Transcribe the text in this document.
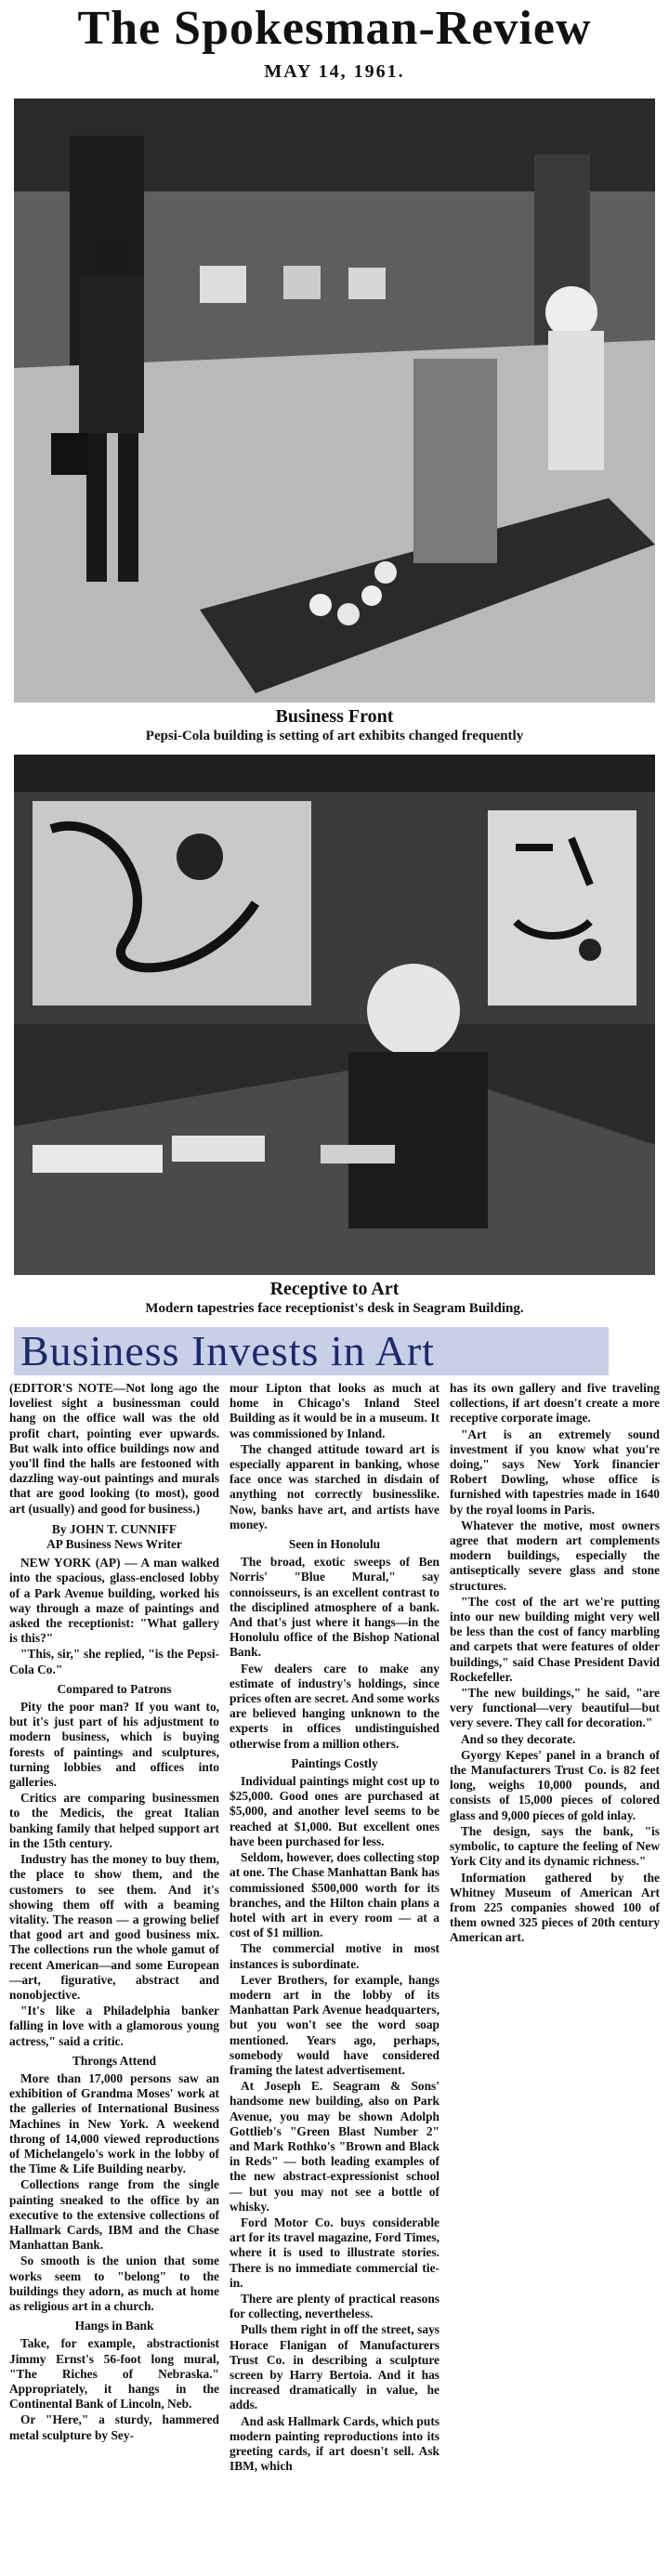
The Spokesman-Review
MAY 14, 1961.
Business Front
Pepsi-Cola building is setting of art exhibits changed frequently
Receptive to Art
Modern tapestries face receptionist's desk in Seagram Building.
Business Invests in Art

(EDITOR'S NOTE—Not long ago the loveliest sight a businessman could hang on the office wall was the old profit chart, pointing ever upwards. But walk into office buildings now and you'll find the halls are festooned with dazzling way-out paintings and murals that are good looking (to most), good art (usually) and good for business.)

By JOHN T. CUNNIFF

AP Business News Writer

NEW YORK (AP) — A man walked into the spacious, glass-enclosed lobby of a Park Avenue building, worked his way through a maze of paintings and asked the receptionist: "What gallery is this?"

"This, sir," she replied, "is the Pepsi-Cola Co."

Compared to Patrons

Pity the poor man? If you want to, but it's just part of his adjustment to modern business, which is buying forests of paintings and sculptures, turning lobbies and offices into galleries.

Critics are comparing businessmen to the Medicis, the great Italian banking family that helped support art in the 15th century.

Industry has the money to buy them, the place to show them, and the customers to see them. And it's showing them off with a beaming vitality. The reason — a growing belief that good art and good business mix. The collections run the whole gamut of recent American—and some European—art, figurative, abstract and nonobjective.

"It's like a Philadelphia banker falling in love with a glamorous young actress," said a critic.

Throngs Attend

More than 17,000 persons saw an exhibition of Grandma Moses' work at the galleries of International Business Machines in New York. A weekend throng of 14,000 viewed reproductions of Michelangelo's work in the lobby of the Time & Life Building nearby.

Collections range from the single painting sneaked to the office by an executive to the extensive collections of Hallmark Cards, IBM and the Chase Manhattan Bank.

So smooth is the union that some works seem to "belong" to the buildings they adorn, as much at home as religious art in a church.

Hangs in Bank

Take, for example, abstractionist Jimmy Ernst's 56-foot long mural, "The Riches of Nebraska." Appropriately, it hangs in the Continental Bank of Lincoln, Neb.

Or "Here," a sturdy, hammered metal sculpture by Sey-

mour Lipton that looks as much at home in Chicago's Inland Steel Building as it would be in a museum. It was commissioned by Inland.

The changed attitude toward art is especially apparent in banking, whose face once was starched in disdain of anything not correctly businesslike. Now, banks have art, and artists have money.

Seen in Honolulu

The broad, exotic sweeps of Ben Norris' "Blue Mural," say connoisseurs, is an excellent contrast to the disciplined atmosphere of a bank. And that's just where it hangs—in the Honolulu office of the Bishop National Bank.

Few dealers care to make any estimate of industry's holdings, since prices often are secret. And some works are believed hanging unknown to the experts in offices undistinguished otherwise from a million others.

Paintings Costly

Individual paintings might cost up to $25,000. Good ones are purchased at $5,000, and another level seems to be reached at $1,000. But excellent ones have been purchased for less.

Seldom, however, does collecting stop at one. The Chase Manhattan Bank has commissioned $500,000 worth for its branches, and the Hilton chain plans a hotel with art in every room — at a cost of $1 million.

The commercial motive in most instances is subordinate.

Lever Brothers, for example, hangs modern art in the lobby of its Manhattan Park Avenue headquarters, but you won't see the word soap mentioned. Years ago, perhaps, somebody would have considered framing the latest advertisement.

At Joseph E. Seagram & Sons' handsome new building, also on Park Avenue, you may be shown Adolph Gottlieb's "Green Blast Number 2" and Mark Rothko's "Brown and Black in Reds" — both leading examples of the new abstract-expressionist school — but you may not see a bottle of whisky.

Ford Motor Co. buys considerable art for its travel magazine, Ford Times, where it is used to illustrate stories. There is no immediate commercial tie-in.

There are plenty of practical reasons for collecting, nevertheless.

Pulls them right in off the street, says Horace Flanigan of Manufacturers Trust Co. in describing a sculpture screen by Harry Bertoia. And it has increased dramatically in value, he adds.

And ask Hallmark Cards, which puts modern painting reproductions into its greeting cards, if art doesn't sell. Ask IBM, which

has its own gallery and five traveling collections, if art doesn't create a more receptive corporate image.

"Art is an extremely sound investment if you know what you're doing," says New York financier Robert Dowling, whose office is furnished with tapestries made in 1640 by the royal looms in Paris.

Whatever the motive, most owners agree that modern art complements modern buildings, especially the antiseptically severe glass and stone structures.

"The cost of the art we're putting into our new building might very well be less than the cost of fancy marbling and carpets that were features of older buildings," said Chase President David Rockefeller.

"The new buildings," he said, "are very functional—very beautiful—but very severe. They call for decoration."

And so they decorate.

Gyorgy Kepes' panel in a branch of the Manufacturers Trust Co. is 82 feet long, weighs 10,000 pounds, and consists of 15,000 pieces of colored glass and 9,000 pieces of gold inlay.

The design, says the bank, "is symbolic, to capture the feeling of New York City and its dynamic richness."

Information gathered by the Whitney Museum of American Art from 225 companies showed 100 of them owned 325 pieces of 20th century American art.
